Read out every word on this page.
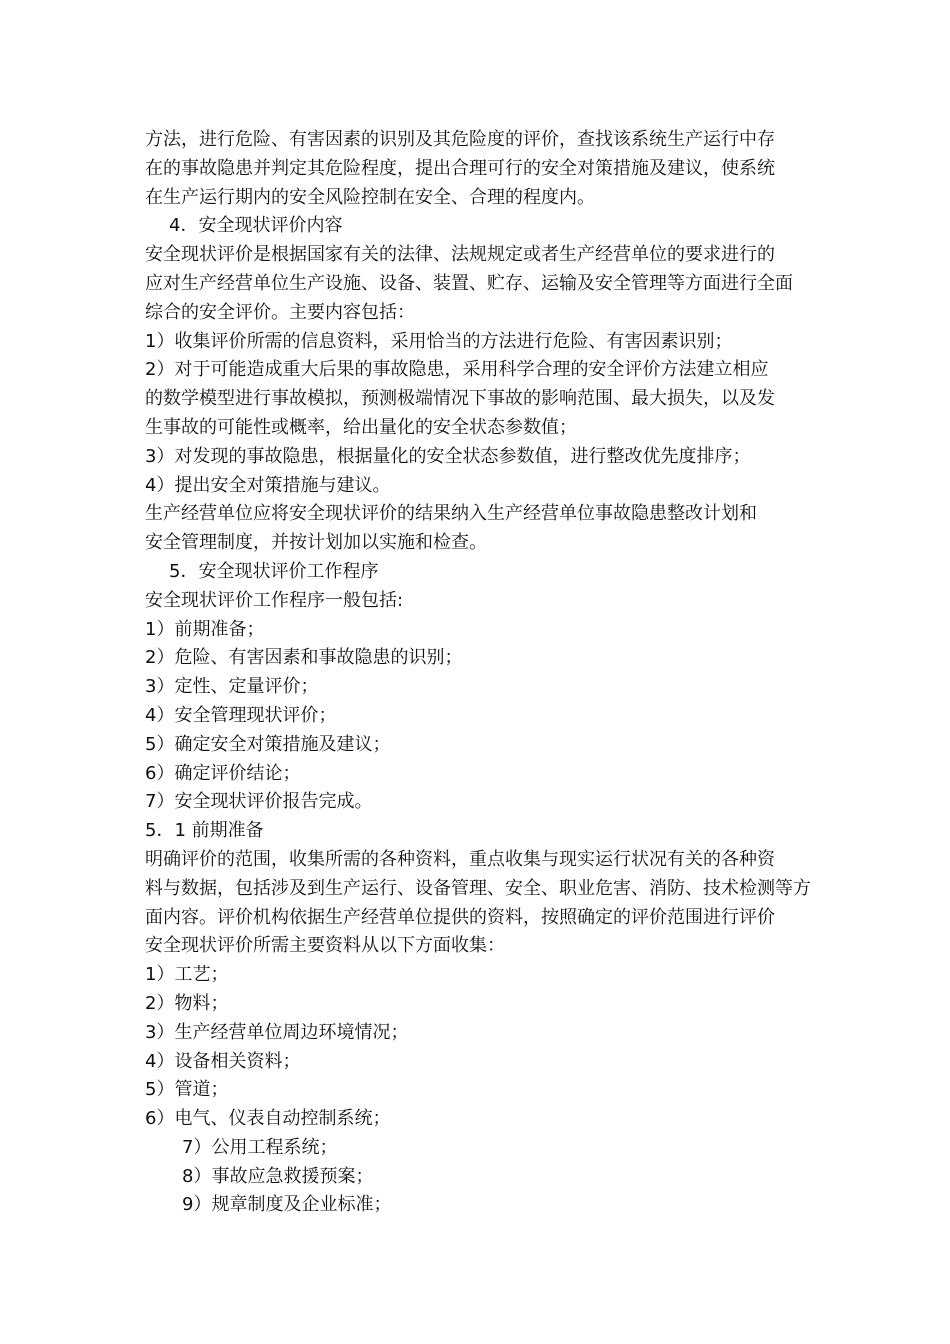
方法，进行危险、有害因素的识别及其危险度的评价，查找该系统生产运行中存
在的事故隐患并判定其危险程度，提出合理可行的安全对策措施及建议，使系统
在生产运行期内的安全风险控制在安全、合理的程度内。
4．安全现状评价内容
安全现状评价是根据国家有关的法律、法规规定或者生产经营单位的要求进行的
应对生产经营单位生产设施、设备、装置、贮存、运输及安全管理等方面进行全面
综合的安全评价。主要内容包括：
1）收集评价所需的信息资料，采用恰当的方法进行危险、有害因素识别；
2）对于可能造成重大后果的事故隐患，采用科学合理的安全评价方法建立相应
的数学模型进行事故模拟，预测极端情况下事故的影响范围、最大损失，以及发
生事故的可能性或概率，给出量化的安全状态参数值；
3）对发现的事故隐患，根据量化的安全状态参数值，进行整改优先度排序；
4）提出安全对策措施与建议。
生产经营单位应将安全现状评价的结果纳入生产经营单位事故隐患整改计划和
安全管理制度，并按计划加以实施和检查。
5．安全现状评价工作程序
安全现状评价工作程序一般包括:
1）前期准备；
2）危险、有害因素和事故隐患的识别；
3）定性、定量评价；
4）安全管理现状评价；
5）确定安全对策措施及建议；
6）确定评价结论；
7）安全现状评价报告完成。
5．1 前期准备
明确评价的范围，收集所需的各种资料，重点收集与现实运行状况有关的各种资
料与数据，包括涉及到生产运行、设备管理、安全、职业危害、消防、技术检测等方
面内容。评价机构依据生产经营单位提供的资料，按照确定的评价范围进行评价
安全现状评价所需主要资料从以下方面收集：
1）工艺；
2）物料；
3）生产经营单位周边环境情况；
4）设备相关资料；
5）管道；
6）电气、仪表自动控制系统；
7）公用工程系统；
8）事故应急救援预案；
9）规章制度及企业标准；
